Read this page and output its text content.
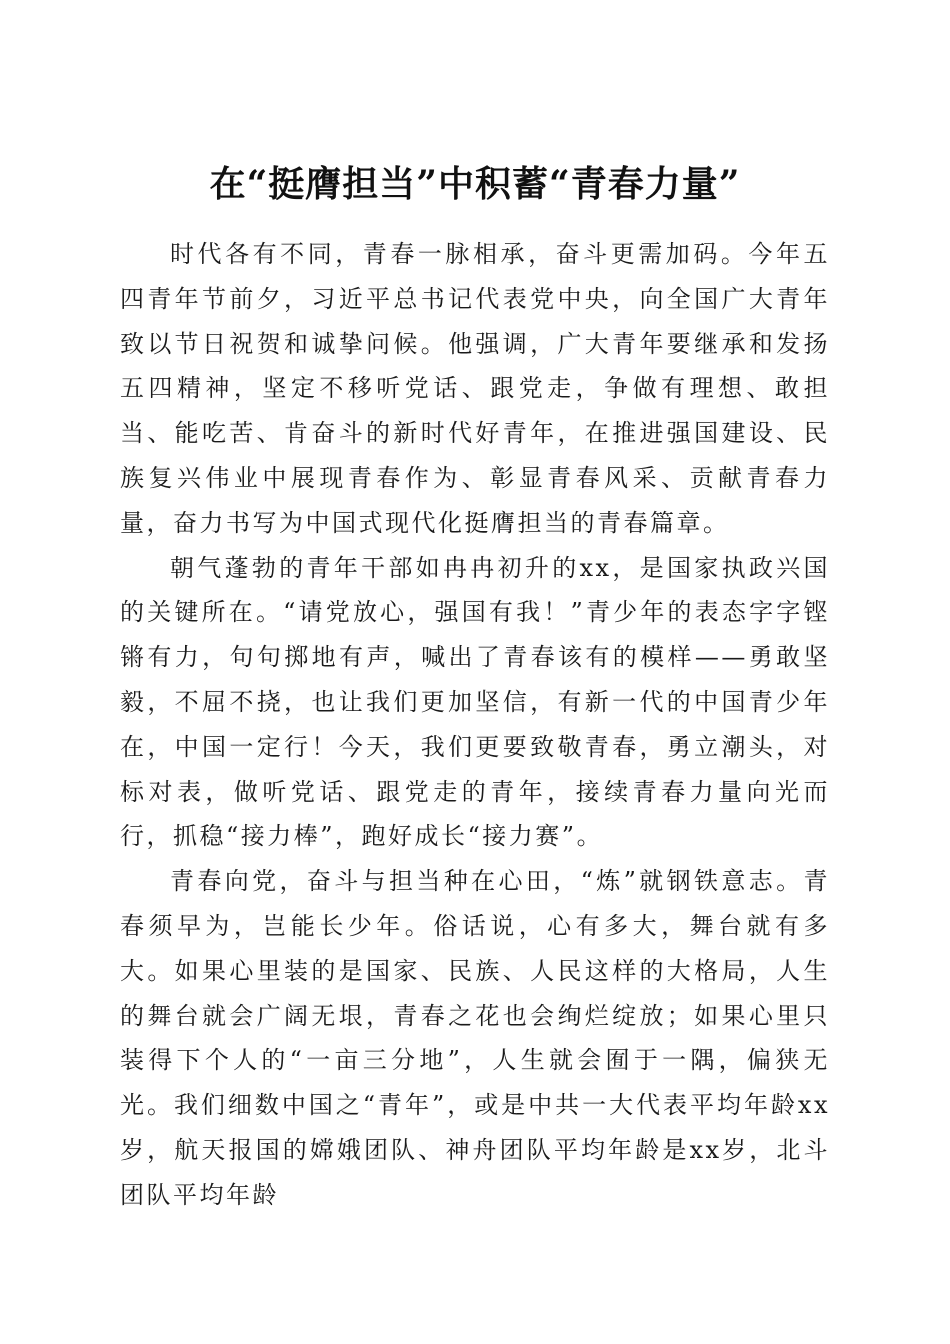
在“挺膺担当”中积蓄“青春力量”

时代各有不同，青春一脉相承，奋斗更需加码。今年五四青年节前夕，习近平总书记代表党中央，向全国广大青年致以节日祝贺和诚挚问候。他强调，广大青年要继承和发扬五四精神，坚定不移听党话、跟党走，争做有理想、敢担当、能吃苦、肯奋斗的新时代好青年，在推进强国建设、民族复兴伟业中展现青春作为、彰显青春风采、贡献青春力量，奋力书写为中国式现代化挺膺担当的青春篇章。

朝气蓬勃的青年干部如冉冉初升的xx，是国家执政兴国的关键所在。“请党放心，强国有我！”青少年的表态字字铿锵有力，句句掷地有声，喊出了青春该有的模样——勇敢坚毅，不屈不挠，也让我们更加坚信，有新一代的中国青少年在，中国一定行！今天，我们更要致敬青春，勇立潮头，对标对表，做听党话、跟党走的青年，接续青春力量向光而行，抓稳“接力棒”，跑好成长“接力赛”。

青春向党，奋斗与担当种在心田，“炼”就钢铁意志。青春须早为，岂能长少年。俗话说，心有多大，舞台就有多大。如果心里装的是国家、民族、人民这样的大格局，人生的舞台就会广阔无垠，青春之花也会绚烂绽放；如果心里只装得下个人的“一亩三分地”，人生就会囿于一隅，偏狭无光。我们细数中国之“青年”，或是中共一大代表平均年龄xx岁，航天报国的嫦娥团队、神舟团队平均年龄是xx岁，北斗团队平均年龄
